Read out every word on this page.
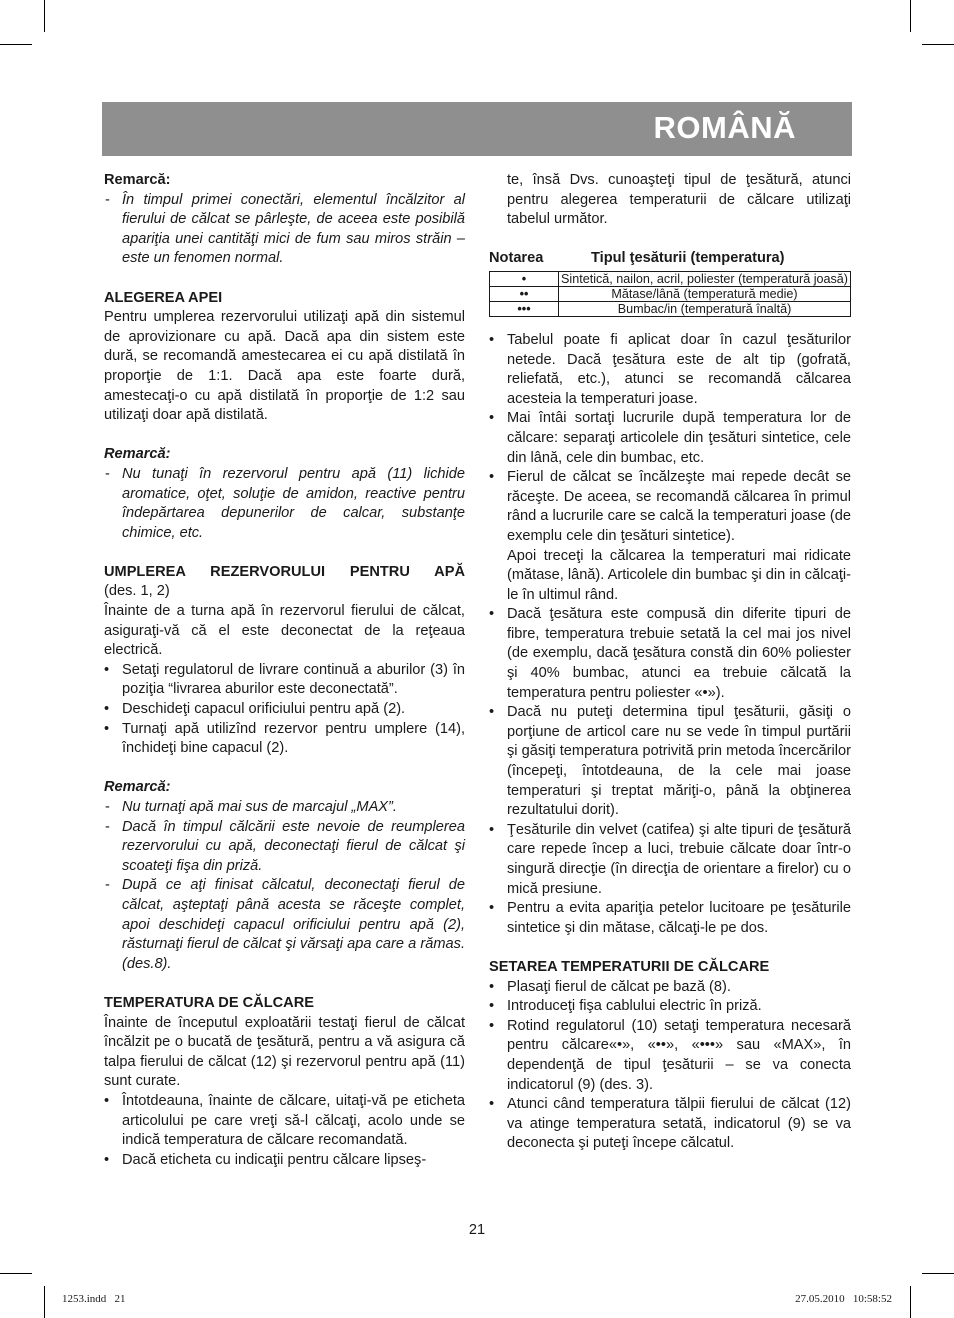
ROMÂNĂ

Remarcă:

- În timpul primei conectări, elementul încălzitor al fierului de călcat se pârleşte, de aceea este posibilă apariţia unei cantităţi mici de fum sau miros străin – este un fenomen normal.

ALEGEREA APEI

Pentru umplerea rezervorului utilizaţi apă din sistemul de aprovizionare cu apă. Dacă apa din sistem este dură, se recomandă amestecarea ei cu apă distilată în proporţie de 1:1. Dacă apa este foarte dură, amestecaţi-o cu apă distilată în proporţie de 1:2 sau utilizaţi doar apă distilată.

Remarcă:

- Nu tunaţi în rezervorul pentru apă (11) lichide aromatice, oţet, soluţie de amidon, reactive pentru îndepărtarea depunerilor de calcar, substanţe chimice, etc.

UMPLEREA REZERVORULUI PENTRU APĂ

(des. 1, 2)

Înainte de a turna apă în rezervorul fierului de călcat, asiguraţi-vă că el este deconectat de la reţeaua electrică.

• Setaţi regulatorul de livrare continuă a aburilor (3) în poziţia “livrarea aburilor este deconectată”.
• Deschideţi capacul orificiului pentru apă (2).
• Turnaţi apă utilizînd rezervor pentru umplere (14), închideţi bine capacul (2).

Remarcă:

- Nu turnaţi apă mai sus de marcajul „MAX”.
- Dacă în timpul călcării este nevoie de reumplerea rezervorului cu apă, deconectaţi fierul de călcat şi scoateţi fişa din priză.
- După ce aţi finisat călcatul, deconectaţi fierul de călcat, aşteptaţi până acesta se răceşte complet, apoi deschideţi capacul orificiului pentru apă (2), răsturnaţi fierul de călcat şi vărsaţi apa care a rămas. (des.8).

TEMPERATURA DE CĂLCARE

Înainte de începutul exploatării testaţi fierul de călcat încălzit pe o bucată de ţesătură, pentru a vă asigura că talpa fierului de călcat (12) şi rezervorul pentru apă (11) sunt curate.

• Întotdeauna, înainte de călcare, uitaţi-vă pe eticheta articolului pe care vreţi să-l călcaţi, acolo unde se indică temperatura de călcare recomandată.
• Dacă eticheta cu indicaţii pentru călcare lipseş-

te, însă Dvs. cunoaşteţi tipul de ţesătură, atunci pentru alegerea temperaturii de călcare utilizaţi tabelul următor.

Notarea	Tipul ţesăturii (temperatura)
•	Sintetică, nailon, acril, poliester (temperatură joasă)
••	Mătase/lână (temperatură medie)
•••	Bumbac/in (temperatură înaltă)
• Tabelul poate fi aplicat doar în cazul ţesăturilor netede. Dacă ţesătura este de alt tip (gofrată, reliefată, etc.), atunci se recomandă călcarea acesteia la temperaturi joase.
• Mai întâi sortaţi lucrurile după temperatura lor de călcare: separaţi articolele din ţesături sintetice, cele din lână, cele din bumbac, etc.
• Fierul de călcat se încălzeşte mai repede decât se răceşte. De aceea, se recomandă călcarea în primul rând a lucrurile care se calcă la temperaturi joase (de exemplu cele din ţesături sintetice).

Apoi treceţi la călcarea la temperaturi mai ridicate (mătase, lână). Articolele din bumbac şi din in călcaţi-le în ultimul rând.

• Dacă ţesătura este compusă din diferite tipuri de fibre, temperatura trebuie setată la cel mai jos nivel (de exemplu, dacă ţesătura constă din 60% poliester şi 40% bumbac, atunci ea trebuie călcată la temperatura pentru poliester «•»).
• Dacă nu puteţi determina tipul ţesăturii, găsiţi o porţiune de articol care nu se vede în timpul purtării şi găsiţi temperatura potrivită prin metoda încercărilor (începeţi, întotdeauna, de la cele mai joase temperaturi şi treptat măriţi-o, până la obţinerea rezultatului dorit).
• Ţesăturile din velvet (catifea) şi alte tipuri de ţesătură care repede încep a luci, trebuie călcate doar într-o singură direcţie (în direcţia de orientare a firelor) cu o mică presiune.
• Pentru a evita apariţia petelor lucitoare pe ţesăturile sintetice şi din mătase, călcaţi-le pe dos.

SETAREA TEMPERATURII DE CĂLCARE

• Plasaţi fierul de călcat pe bază (8).
• Introduceţi fişa cablului electric în priză.
• Rotind regulatorul (10) setaţi temperatura necesară pentru călcare«•», «••», «•••» sau «MAX», în dependenţă de tipul ţesăturii – se va conecta indicatorul (9) (des. 3).
• Atunci când temperatura tălpii fierului de călcat (12) va atinge temperatura setată, indicatorul (9) se va deconecta şi puteţi începe călcatul.
21
1253.indd   21	27.05.2010   10:58:52
